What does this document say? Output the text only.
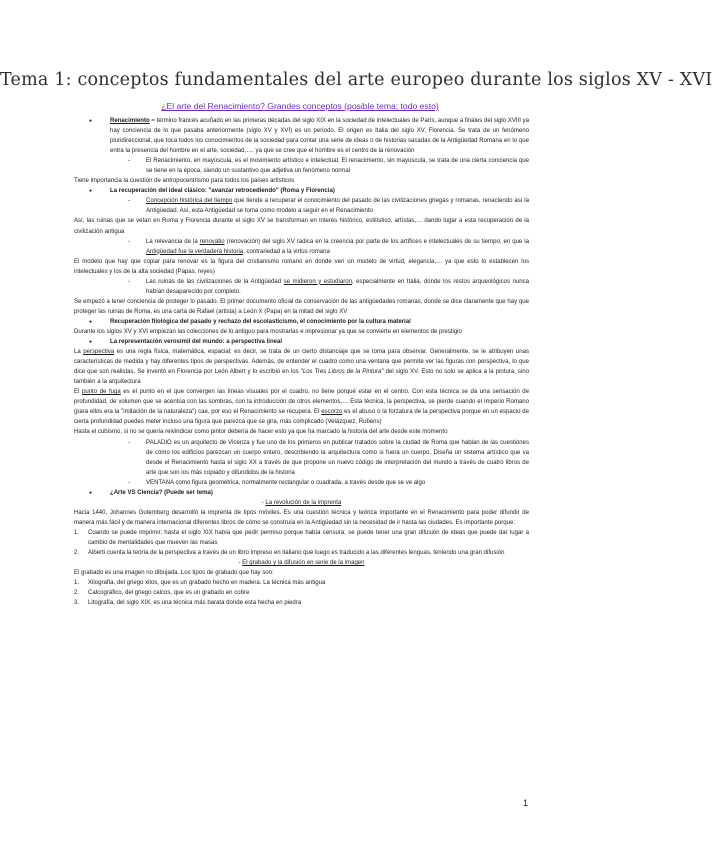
Tema 1: conceptos fundamentales del arte europeo durante los siglos XV - XVI
¿El arte del Renacimiento? Grandes conceptos (posible tema; todo esto)
● Renacimiento = término francés acuñado en las primeras décadas del siglo XIX en la sociedad de intelectuales de París, aunque a finales del siglo XVIII ya hay conciencia de lo que pasaba anteriormente (siglo XV y XVI) es un periodo. El origen es Italia del siglo XV, Florencia. Se trata de un fenómeno pluridireccional, que toca todos los conocimientos de la sociedad para contar una serie de ideas o de historias sacadas de la Antigüedad Romana en lo que entra la presencia del hombre en el arte, sociedad,…. ya que se cree que el hombre es el centro de la renovación
- El Renacimiento, en mayúscula, es el movimiento artístico e intelectual. El renacimiento, sin mayúscula, se trata de una cierta conciencia que se tiene en la época, siendo un sustantivo que adjetiva un fenómeno normal
Tiene importancia la cuestión de antropocentrismo para todos los países artísticos
● La recuperación del ideal clásico: "avanzar retrocediendo" (Roma y Florencia)
- Concepción histórica del tiempo que tiende a recuperar el conocimiento del pasado de las civilizaciones griegas y romanas, renaciendo así la Antigüedad. Así, esta Antigüedad se toma como modelo a seguir en el Renacimiento
Así, las ruinas que se veían en Roma y Florencia durante el siglo XV se transforman en interés histórico, estilístico, artístas,… dando lugar a esta recuperación de la civilización antigua
- La relevancia de la renovatio (renovación) del siglo XV radica en la creencia por parte de los artífices e intelectuales de su tiempo; en que la Antigüedad fue la verdadera historia, contrariedad a la virtus romana
El modelo que hay que copiar para renovar es la figura del cristianismo romano en donde ven un modelo de virtud, elegancia,… ya que esto lo establecen los intelectuales y los de la alta sociedad (Papas, reyes)
- Las ruinas de las civilizaciones de la Antigüedad se midieron y estudiaron, especialmente en Italia, donde los restos arqueológicos nunca habían desaparecido por completo.
Se empezó a tener conciencia de proteger lo pasado. El primer documento oficial de conservación de las antigüedades romanas, donde se dice claramente que hay que proteger las ruinas de Roma, es una carta de Rafael (artista) a León X (Papa) en la mitad del siglo XV
● Recuperación filológica del pasado y rechazo del escolasticismo, el conocimiento por la cultura material
Durante los siglos XV y XVI empiezan las colecciones de lo antiguo para mostrarlas e impresionar ya que se convierte en elementos de prestigio
● La representación verosímil del mundo: a perspectiva lineal
La perspectiva es una regla física, matemática, espacial; es decir, se trata de un cierto distanciaje que se toma para observar. Generalmente, se le atribuyen unas características de medida y hay diferentes tipos de perspectivas. Además, de entender el cuadro como una ventana que permite ver las figuras con perspectiva, lo que dice que son realistas. Se inventó en Florencia por León Albert y lo escribió en los "Los Tres Libros de la Pintura" del siglo XV. Esto no solo se aplica a la pintura, sino también a la arquitectura
El punto de fuga es el punto en el que convergen las líneas visuales por el cuadro, no tiene porqué estar en el centro. Con esta técnica se da una sensación de profundidad, de volumen que se acentúa con las sombras, con la introducción de otros elementos,… Esta técnica, la perspectiva, se pierde cuando el Imperio Romano (para ellos era la "imitación de la naturaleza") cae, por eso el Renacimiento se recupera. El escorzo es el abuso o la forzatura de la perspectiva porque en un espacio de cierta profundidad puedes meter incluso una figura que parezca que se gira, más complicado (Velázquez, Rubens)
Hasta el cubismo, si no se quería reivindicar como pintor debería de hacer esto ya que ha marcado la historia del arte desde este momento
- PALADIO es un arquitecto de Vicenza y fue uno de los primeros en publicar tratados sobre la ciudad de Roma que hablan de las cuestiones de cómo los edificios parezcan un cuerpo entero, describiendo la arquitectura como si fuera un cuerpo. Diseña un sistema artístico que va desde el Renacimiento hasta el siglo XX a través de que propone un nuevo código de interpretación del mundo a través de cuatro libros de arte que son los más copiado y difundidos de la historia
- VENTANA como figura geométrica, normalmente rectangular o cuadrada, a través desde que se ve algo
● ¿Arte VS Ciencia? (Puede ser tema)
- La revolución de la imprenta
Hacia 1440, Johannes Gutemberg desarrolló la imprenta de tipos móviles. Es una cuestión técnica y teórica importante en el Renacimiento para poder difundir de manera más fácil y de manera internacional diferentes libros de cómo se construía en la Antigüedad sin la necesidad de ir hasta las ciudades. Es importante porque:
1. Cuando se puede imprimir, hasta el siglo XIX había que pedir permiso porque había censura, se puede tener una gran difusión de ideas que puede dar lugar a cambio de mentalidades que mueven las masas
2. Alberti cuenta la teoría de la perspectiva a través de un libro impreso en italiano que luego es traducido a las diferentes lenguas, teniendo una gran difusión
- El grabado y la difusión en serie de la imagen
El grabado es una imagen no dibujada. Los tipos de grabado que hay son:
1. Xilografía, del griego xilos, que es un grabado hecho en madera. La técnica más antigua
2. Calcográfico, del griego calcos, que es un grabado en cobre
3. Litografía, del siglo XIX, es una técnica más barata donde esta hecha en piedra
1
